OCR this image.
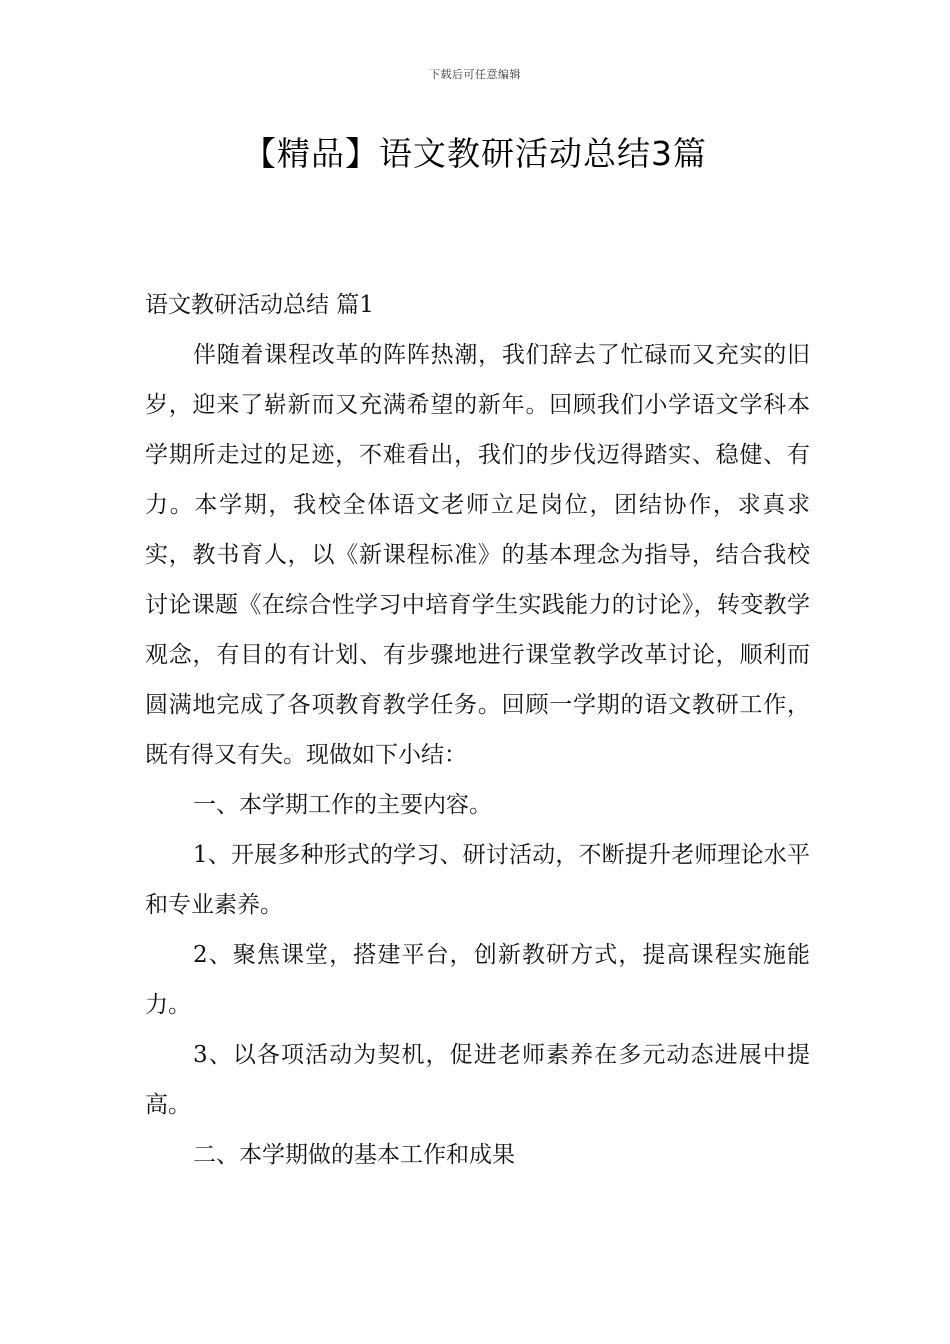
下载后可任意编辑
【精品】语文教研活动总结3篇
语文教研活动总结 篇1

伴随着课程改革的阵阵热潮，我们辞去了忙碌而又充实的旧岁，迎来了崭新而又充满希望的新年。回顾我们小学语文学科本学期所走过的足迹，不难看出，我们的步伐迈得踏实、稳健、有力。本学期，我校全体语文老师立足岗位，团结协作，求真求实，教书育人，以《新课程标准》的基本理念为指导，结合我校讨论课题《在综合性学习中培育学生实践能力的讨论》，转变教学观念，有目的有计划、有步骤地进行课堂教学改革讨论，顺利而圆满地完成了各项教育教学任务。回顾一学期的语文教研工作，既有得又有失。现做如下小结：

一、本学期工作的主要内容。

1、开展多种形式的学习、研讨活动，不断提升老师理论水平和专业素养。

2、聚焦课堂，搭建平台，创新教研方式，提高课程实施能力。

3、以各项活动为契机，促进老师素养在多元动态进展中提高。

二、本学期做的基本工作和成果
